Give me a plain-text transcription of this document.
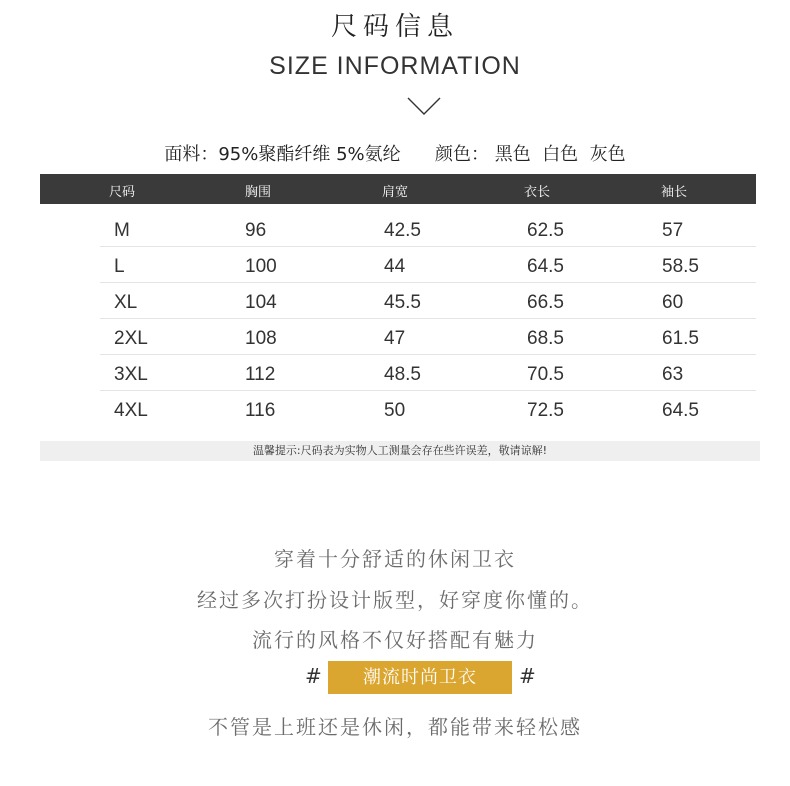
尺码信息
SIZE INFORMATION
面料：95%聚酯纤维 5%氨纶 颜色： 黑色 白色 灰色
尺码	胸围	肩宽	衣长	袖长
M	96	42.5	62.5	57
L	100	44	64.5	58.5
XL	104	45.5	66.5	60
2XL	108	47	68.5	61.5
3XL	112	48.5	70.5	63
4XL	116	50	72.5	64.5
温馨提示:尺码表为实物人工测量会存在些许误差，敬请谅解!
穿着十分舒适的休闲卫衣
经过多次打扮设计版型，好穿度你懂的。
流行的风格不仅好搭配有魅力
#	潮流时尚卫衣	#
不管是上班还是休闲，都能带来轻松感
